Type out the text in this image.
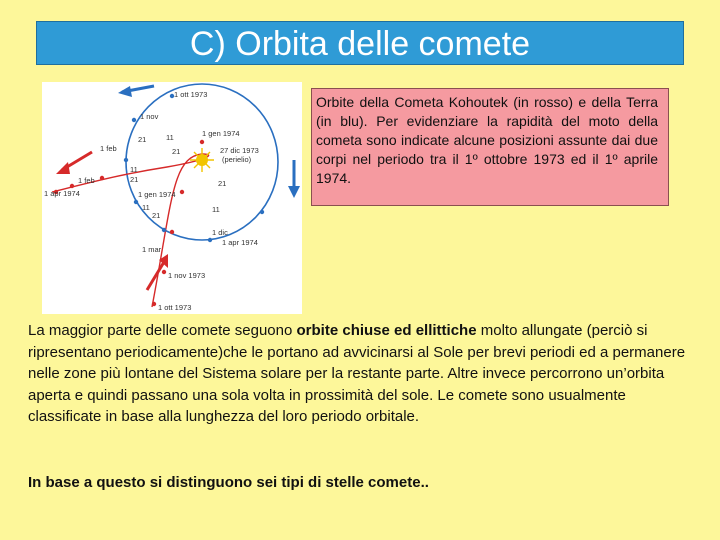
C) Orbita delle comete
1 ott 1973
1 nov
1 dic
1 gen 1974
1 feb
1 mar
1 apr 1974
21	11
21
11
21
11
21
1 ott 1973
1 nov 1973
1 gen 1974
27 dic 1973
(perielio)
1 feb
1 apr 1974
21
11
Orbite della Cometa Kohoutek (in rosso) e della Terra (in blu). Per evidenziare la rapidità del moto della cometa sono indicate alcune posizioni assunte dai due corpi nel periodo tra il 1º ottobre 1973 ed il 1º aprile 1974.
La maggior parte delle comete seguono orbite chiuse ed ellittiche molto allungate (perciò si ripresentano periodicamente)che le portano ad avvicinarsi al Sole per brevi periodi ed a permanere nelle zone più lontane del Sistema solare per la restante parte. Altre invece percorrono un’orbita aperta e quindi passano una sola volta in prossimità del sole. Le comete sono usualmente classificate in base alla lunghezza del loro periodo orbitale.
In base a questo si distinguono sei tipi di stelle comete..
